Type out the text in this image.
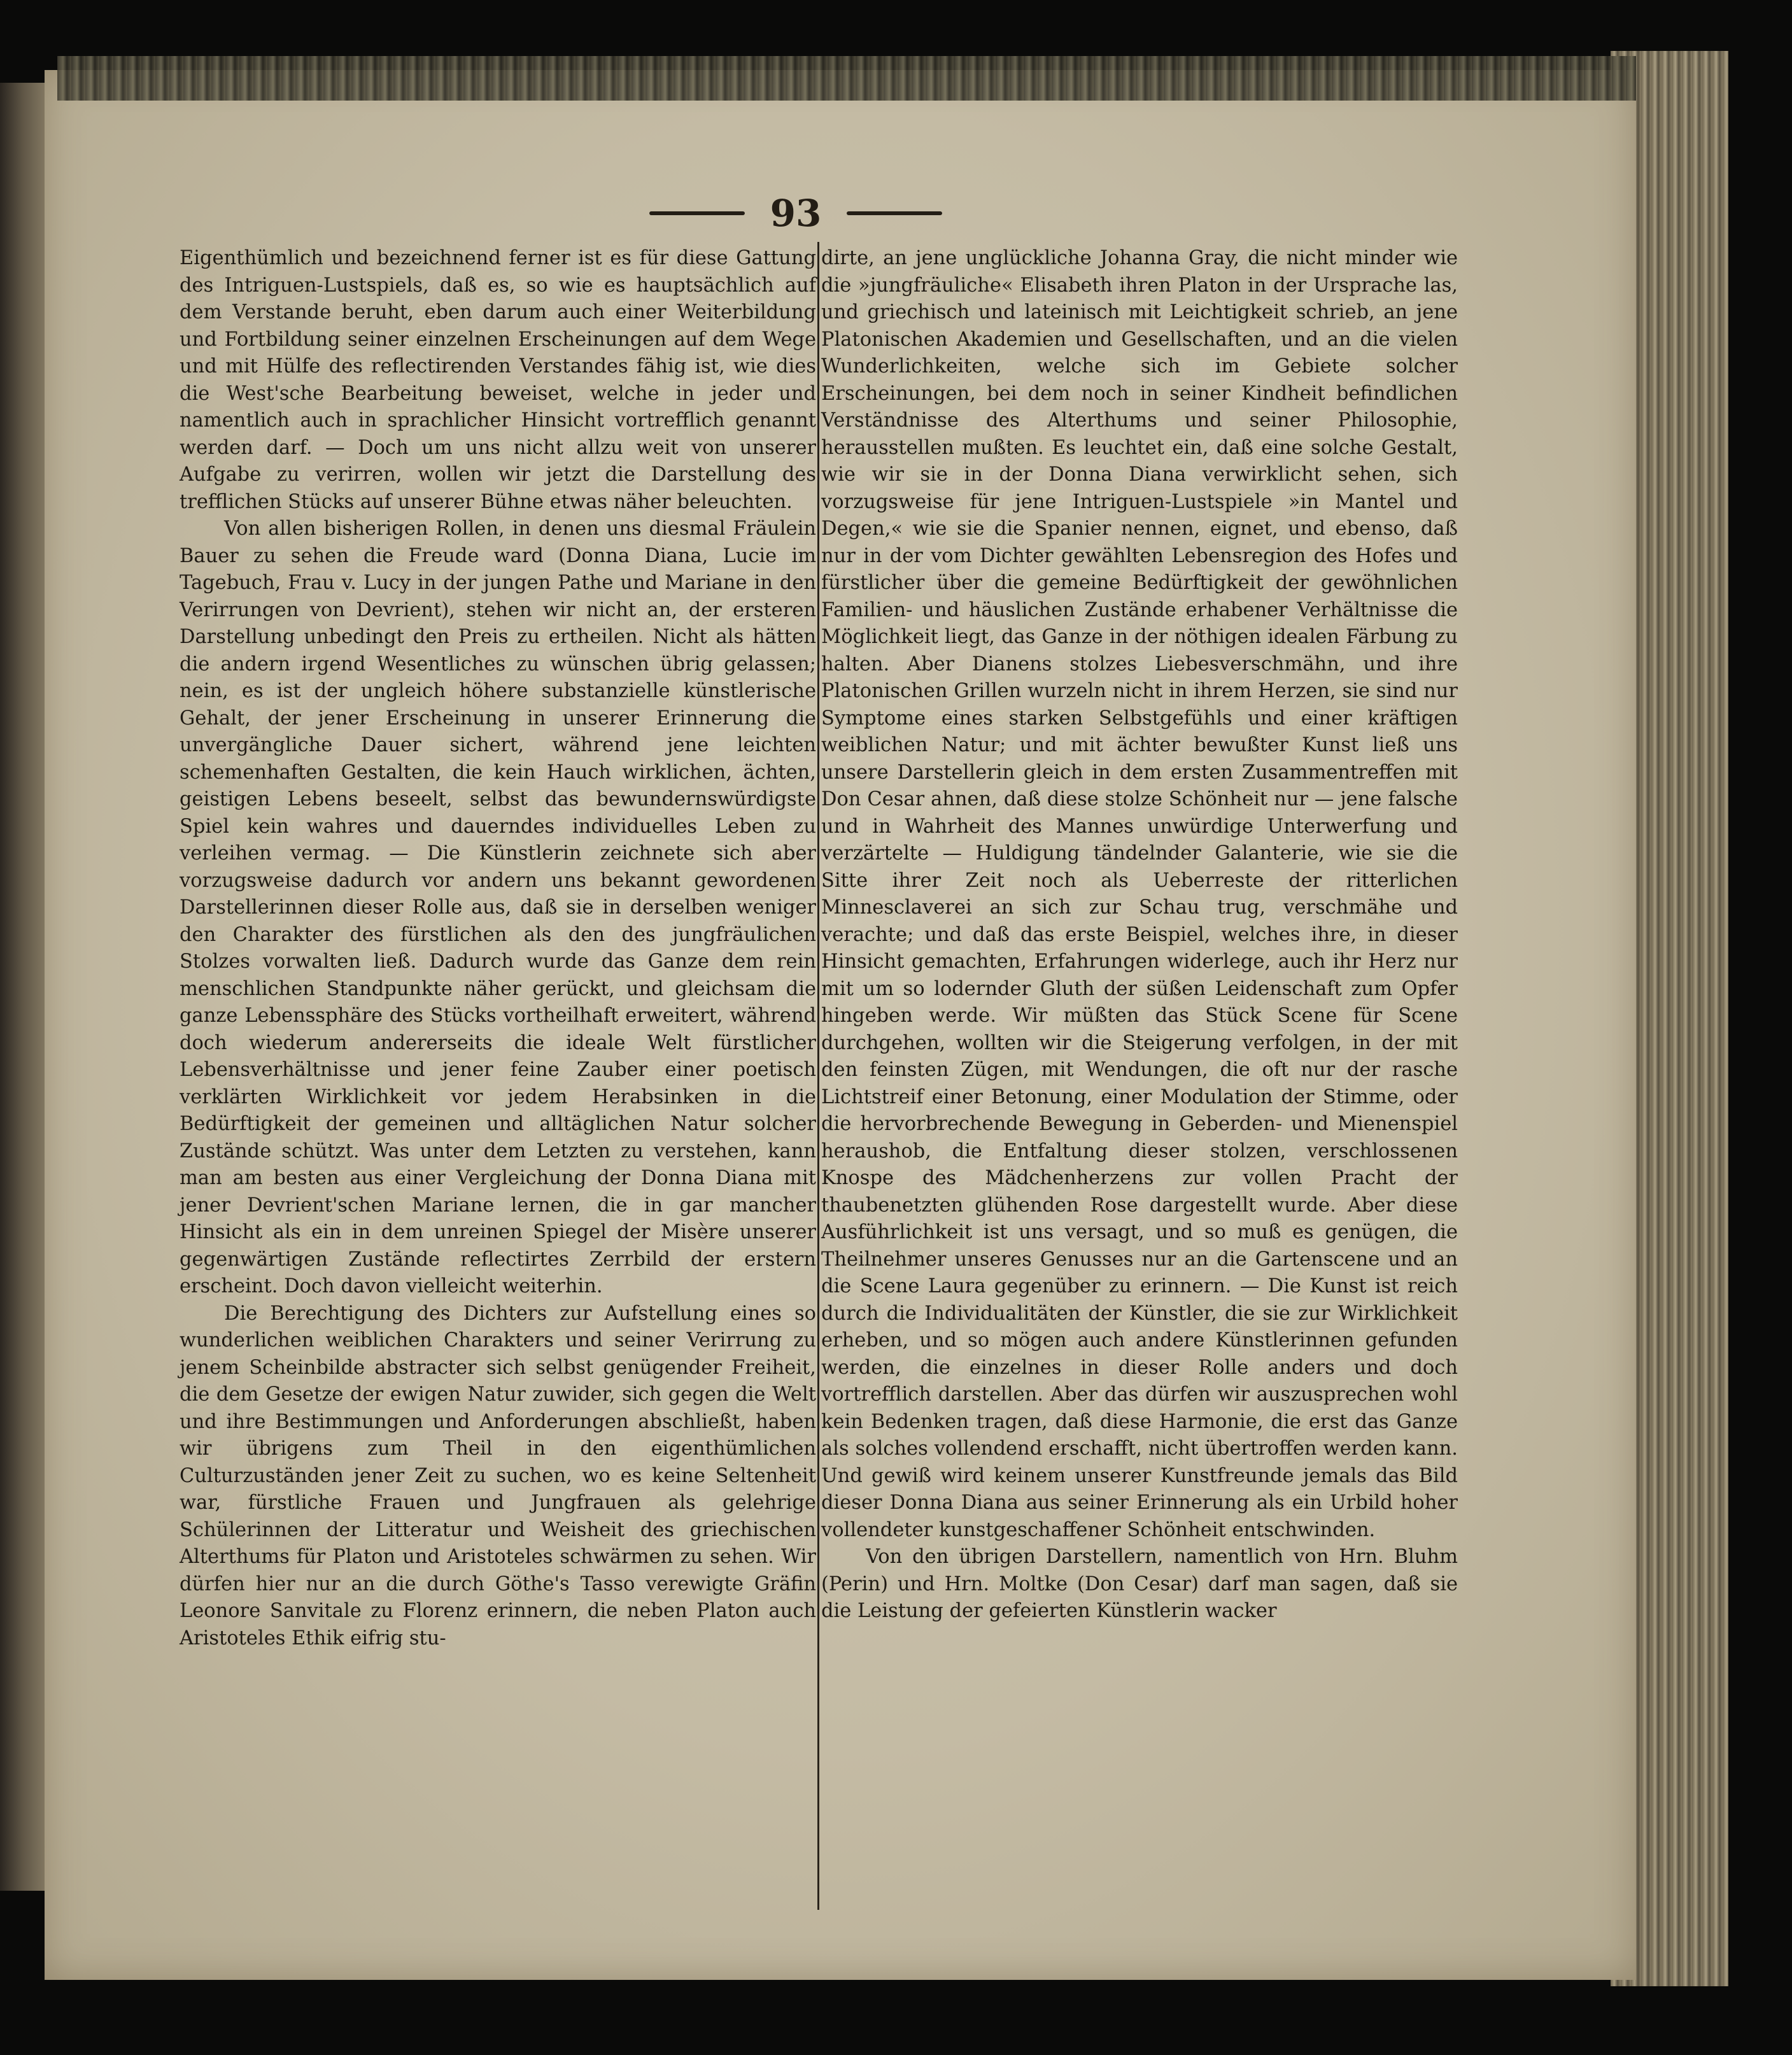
93

Eigenthümlich und bezeichnend ferner ist es für diese Gattung des Intriguen-Lustspiels, daß es, so wie es hauptsächlich auf dem Verstande beruht, eben darum auch einer Weiterbildung und Fortbildung seiner einzelnen Erscheinungen auf dem Wege und mit Hülfe des reflectirenden Verstandes fähig ist, wie dies die West'sche Bearbeitung beweiset, welche in jeder und namentlich auch in sprachlicher Hinsicht vortrefflich genannt werden darf. — Doch um uns nicht allzu weit von unserer Aufgabe zu verirren, wollen wir jetzt die Darstellung des trefflichen Stücks auf unserer Bühne etwas näher beleuchten.

Von allen bisherigen Rollen, in denen uns diesmal Fräulein Bauer zu sehen die Freude ward (Donna Diana, Lucie im Tagebuch, Frau v. Lucy in der jungen Pathe und Mariane in den Verirrungen von Devrient), stehen wir nicht an, der ersteren Darstellung unbedingt den Preis zu ertheilen. Nicht als hätten die andern irgend Wesentliches zu wünschen übrig gelassen; nein, es ist der ungleich höhere substanzielle künstlerische Gehalt, der jener Erscheinung in unserer Erinnerung die unvergängliche Dauer sichert, während jene leichten schemenhaften Gestalten, die kein Hauch wirklichen, ächten, geistigen Lebens beseelt, selbst das bewundernswürdigste Spiel kein wahres und dauerndes individuelles Leben zu verleihen vermag. — Die Künstlerin zeichnete sich aber vorzugsweise dadurch vor andern uns bekannt gewordenen Darstellerinnen dieser Rolle aus, daß sie in derselben weniger den Charakter des fürstlichen als den des jungfräulichen Stolzes vorwalten ließ. Dadurch wurde das Ganze dem rein menschlichen Standpunkte näher gerückt, und gleichsam die ganze Lebenssphäre des Stücks vortheilhaft erweitert, während doch wiederum andererseits die ideale Welt fürstlicher Lebensverhältnisse und jener feine Zauber einer poetisch verklärten Wirklichkeit vor jedem Herabsinken in die Bedürftigkeit der gemeinen und alltäglichen Natur solcher Zustände schützt. Was unter dem Letzten zu verstehen, kann man am besten aus einer Vergleichung der Donna Diana mit jener Devrient'schen Mariane lernen, die in gar mancher Hinsicht als ein in dem unreinen Spiegel der Misère unserer gegenwärtigen Zustände reflectirtes Zerrbild der erstern erscheint. Doch davon vielleicht weiterhin.

Die Berechtigung des Dichters zur Aufstellung eines so wunderlichen weiblichen Charakters und seiner Verirrung zu jenem Scheinbilde abstracter sich selbst genügender Freiheit, die dem Gesetze der ewigen Natur zuwider, sich gegen die Welt und ihre Bestimmungen und Anforderungen abschließt, haben wir übrigens zum Theil in den eigenthümlichen Culturzuständen jener Zeit zu suchen, wo es keine Seltenheit war, fürstliche Frauen und Jungfrauen als gelehrige Schülerinnen der Litteratur und Weisheit des griechischen Alterthums für Platon und Aristoteles schwärmen zu sehen. Wir dürfen hier nur an die durch Göthe's Tasso verewigte Gräfin Leonore Sanvitale zu Florenz erinnern, die neben Platon auch Aristoteles Ethik eifrig stu-

dirte, an jene unglückliche Johanna Gray, die nicht minder wie die »jungfräuliche« Elisabeth ihren Platon in der Ursprache las, und griechisch und lateinisch mit Leichtigkeit schrieb, an jene Platonischen Akademien und Gesellschaften, und an die vielen Wunderlichkeiten, welche sich im Gebiete solcher Erscheinungen, bei dem noch in seiner Kindheit befindlichen Verständnisse des Alterthums und seiner Philosophie, herausstellen mußten. Es leuchtet ein, daß eine solche Gestalt, wie wir sie in der Donna Diana verwirklicht sehen, sich vorzugsweise für jene Intriguen-Lustspiele »in Mantel und Degen,« wie sie die Spanier nennen, eignet, und ebenso, daß nur in der vom Dichter gewählten Lebensregion des Hofes und fürstlicher über die gemeine Bedürftigkeit der gewöhnlichen Familien- und häuslichen Zustände erhabener Verhältnisse die Möglichkeit liegt, das Ganze in der nöthigen idealen Färbung zu halten. Aber Dianens stolzes Liebesverschmähn, und ihre Platonischen Grillen wurzeln nicht in ihrem Herzen, sie sind nur Symptome eines starken Selbstgefühls und einer kräftigen weiblichen Natur; und mit ächter bewußter Kunst ließ uns unsere Darstellerin gleich in dem ersten Zusammentreffen mit Don Cesar ahnen, daß diese stolze Schönheit nur — jene falsche und in Wahrheit des Mannes unwürdige Unterwerfung und verzärtelte — Huldigung tändelnder Galanterie, wie sie die Sitte ihrer Zeit noch als Ueberreste der ritterlichen Minnesclaverei an sich zur Schau trug, verschmähe und verachte; und daß das erste Beispiel, welches ihre, in dieser Hinsicht gemachten, Erfahrungen widerlege, auch ihr Herz nur mit um so lodernder Gluth der süßen Leidenschaft zum Opfer hingeben werde. Wir müßten das Stück Scene für Scene durchgehen, wollten wir die Steigerung verfolgen, in der mit den feinsten Zügen, mit Wendungen, die oft nur der rasche Lichtstreif einer Betonung, einer Modulation der Stimme, oder die hervorbrechende Bewegung in Geberden- und Mienenspiel heraushob, die Entfaltung dieser stolzen, verschlossenen Knospe des Mädchenherzens zur vollen Pracht der thaubenetzten glühenden Rose dargestellt wurde. Aber diese Ausführlichkeit ist uns versagt, und so muß es genügen, die Theilnehmer unseres Genusses nur an die Gartenscene und an die Scene Laura gegenüber zu erinnern. — Die Kunst ist reich durch die Individualitäten der Künstler, die sie zur Wirklichkeit erheben, und so mögen auch andere Künstlerinnen gefunden werden, die einzelnes in dieser Rolle anders und doch vortrefflich darstellen. Aber das dürfen wir auszusprechen wohl kein Bedenken tragen, daß diese Harmonie, die erst das Ganze als solches vollendend erschafft, nicht übertroffen werden kann. Und gewiß wird keinem unserer Kunstfreunde jemals das Bild dieser Donna Diana aus seiner Erinnerung als ein Urbild hoher vollendeter kunstgeschaffener Schönheit entschwinden.

Von den übrigen Darstellern, namentlich von Hrn. Bluhm (Perin) und Hrn. Moltke (Don Cesar) darf man sagen, daß sie die Leistung der gefeierten Künstlerin wacker
